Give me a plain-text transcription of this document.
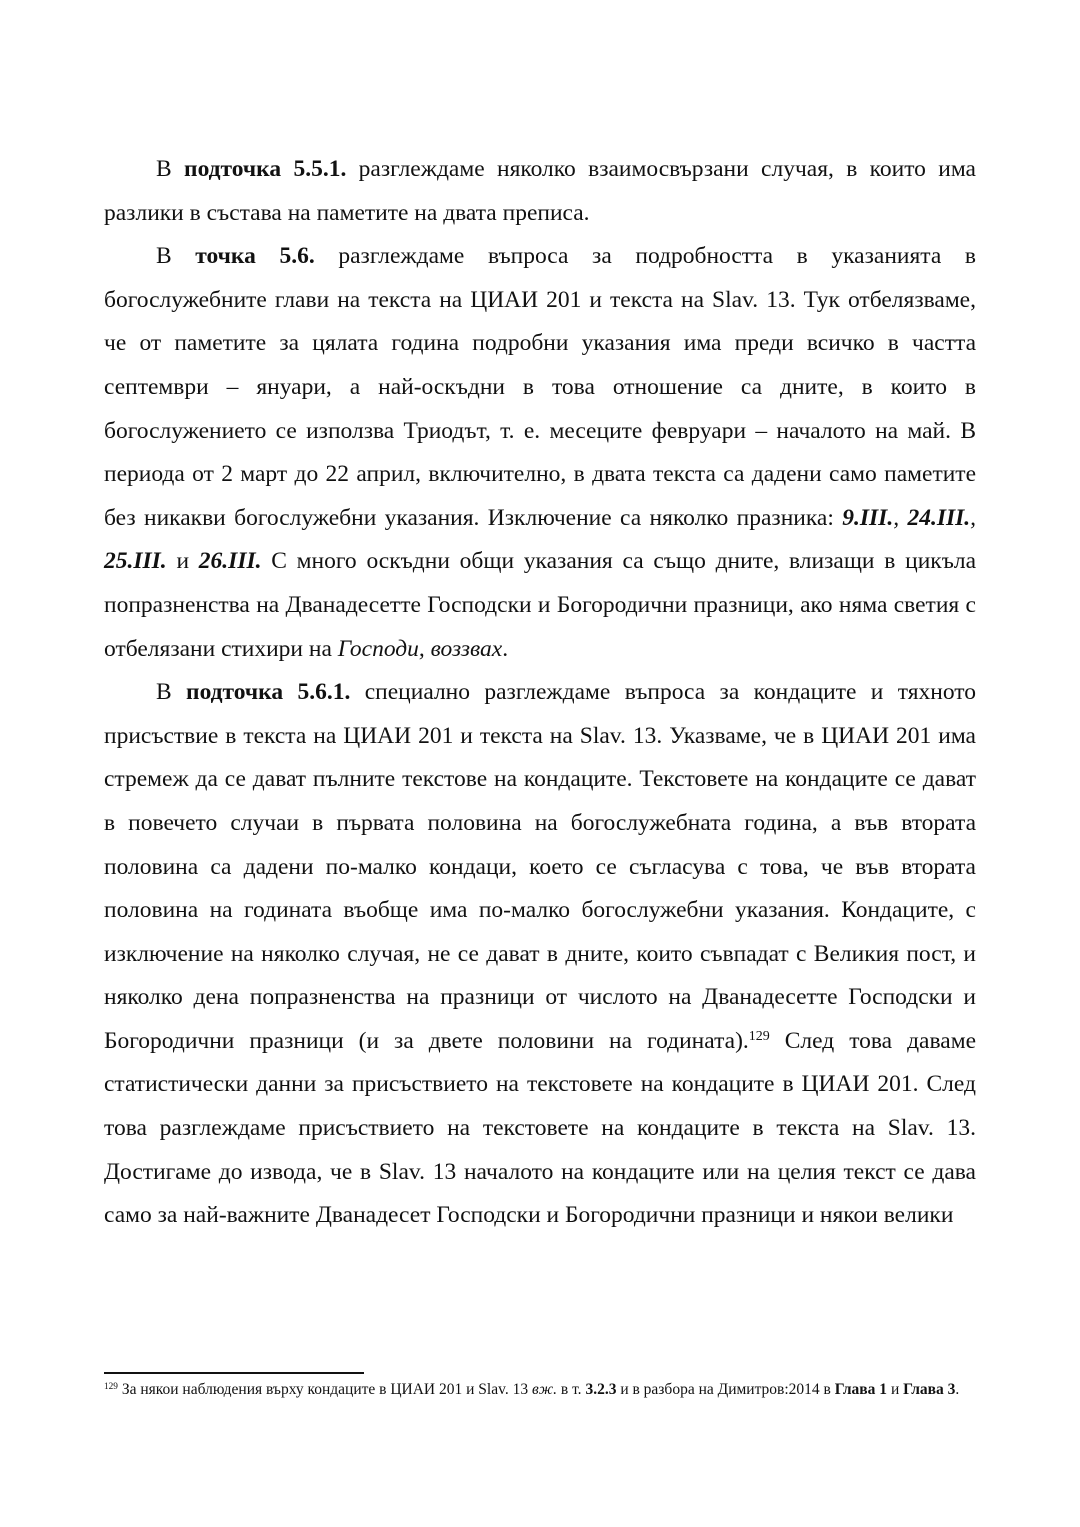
В подточка 5.5.1. разглеждаме няколко взаимосвързани случая, в които има разлики в състава на паметите на двата преписа.

В точка 5.6. разглеждаме въпроса за подробността в указанията в богослужебните глави на текста на ЦИАИ 201 и текста на Slav. 13. Тук отбелязваме, че от паметите за цялата година подробни указания има преди всичко в частта септември – януари, а най-оскъдни в това отношение са дните, в които в богослужението се използва Триодът, т. е. месеците февруари – началото на май. В периода от 2 март до 22 април, включително, в двата текста са дадени само паметите без никакви богослужебни указания. Изключение са няколко празника: 9.III., 24.III., 25.III. и 26.III. С много оскъдни общи указания са също дните, влизащи в цикъла попразненства на Дванадесетте Господски и Богородични празници, ако няма светия с отбелязани стихири на Господи, воззвах.

В подточка 5.6.1. специално разглеждаме въпроса за кондаците и тяхното присъствие в текста на ЦИАИ 201 и текста на Slav. 13. Указваме, че в ЦИАИ 201 има стремеж да се дават пълните текстове на кондаците. Текстовете на кондаците се дават в повечето случаи в първата половина на богослужебната година, а във втората половина са дадени по-малко кондаци, което се съгласува с това, че във втората половина на годината въобще има по-малко богослужебни указания. Кондаците, с изключение на няколко случая, не се дават в дните, които съвпадат с Великия пост, и няколко дена попразненства на празници от числото на Дванадесетте Господски и Богородични празници (и за двете половини на годината).$^{129}$ След това даваме статистически данни за присъствието на текстовете на кондаците в ЦИАИ 201. След това разглеждаме присъствието на текстовете на кондаците в текста на Slav. 13. Достигаме до извода, че в Slav. 13 началото на кондаците или на целия текст се дава само за най-важните Дванадесет Господски и Богородични празници и някои велики

$^{129}$ За някои наблюдения върху кондаците в ЦИАИ 201 и Slav. 13 вж. в т. 3.2.3 и в разбора на Димитров:2014 в Глава 1 и Глава 3.
